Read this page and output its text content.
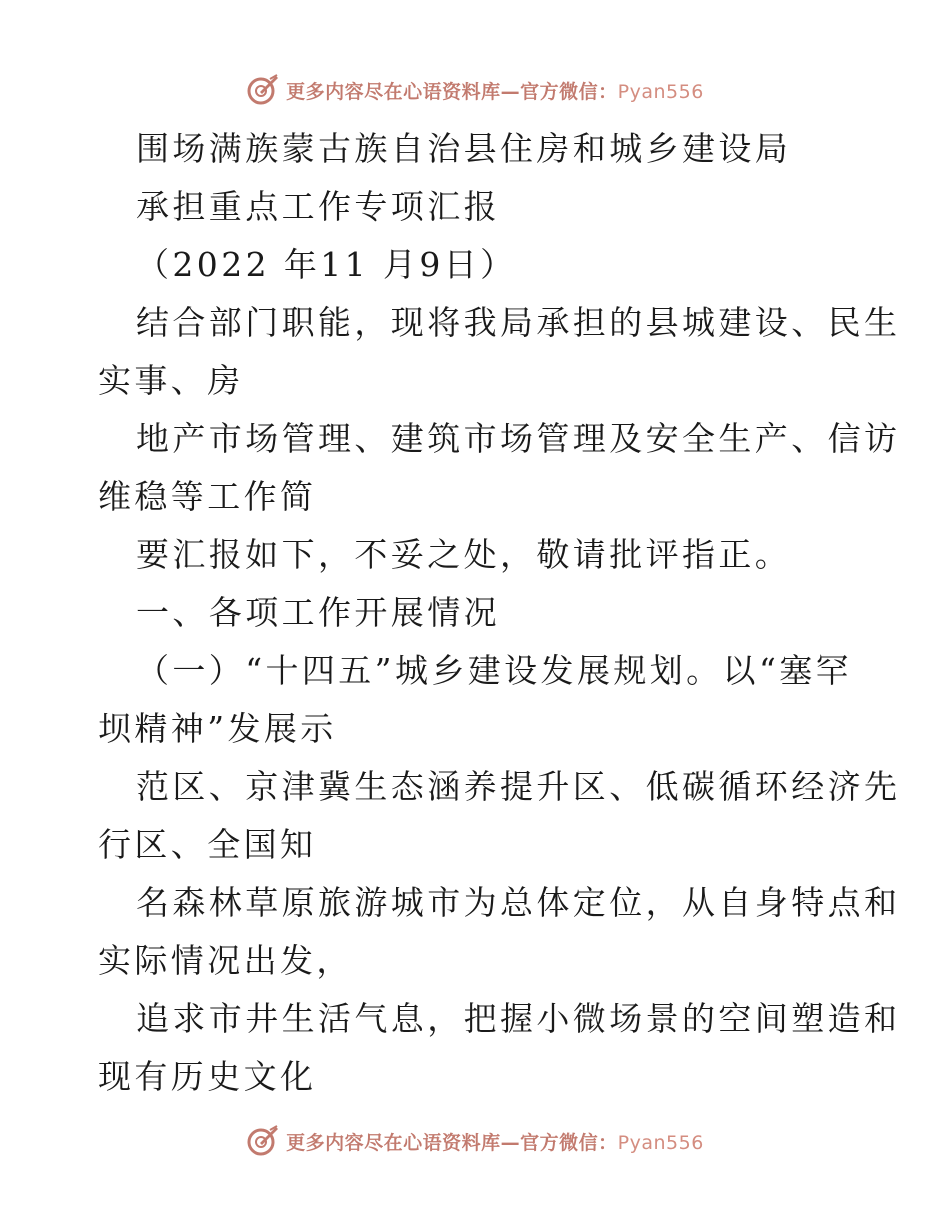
更多内容尽在心语资料库—官方微信：Pyan556
围场满族蒙古族自治县住房和城乡建设局
承担重点工作专项汇报
（2022 年11 月9日）
结合部门职能，现将我局承担的县城建设、民生
实事、房
地产市场管理、建筑市场管理及安全生产、信访
维稳等工作简
要汇报如下，不妥之处，敬请批评指正。
一、各项工作开展情况
（一）“十四五”城乡建设发展规划。以“塞罕
坝精神”发展示
范区、京津冀生态涵养提升区、低碳循环经济先
行区、全国知
名森林草原旅游城市为总体定位，从自身特点和
实际情况出发，
追求市井生活气息，把握小微场景的空间塑造和
现有历史文化
更多内容尽在心语资料库—官方微信：Pyan556
